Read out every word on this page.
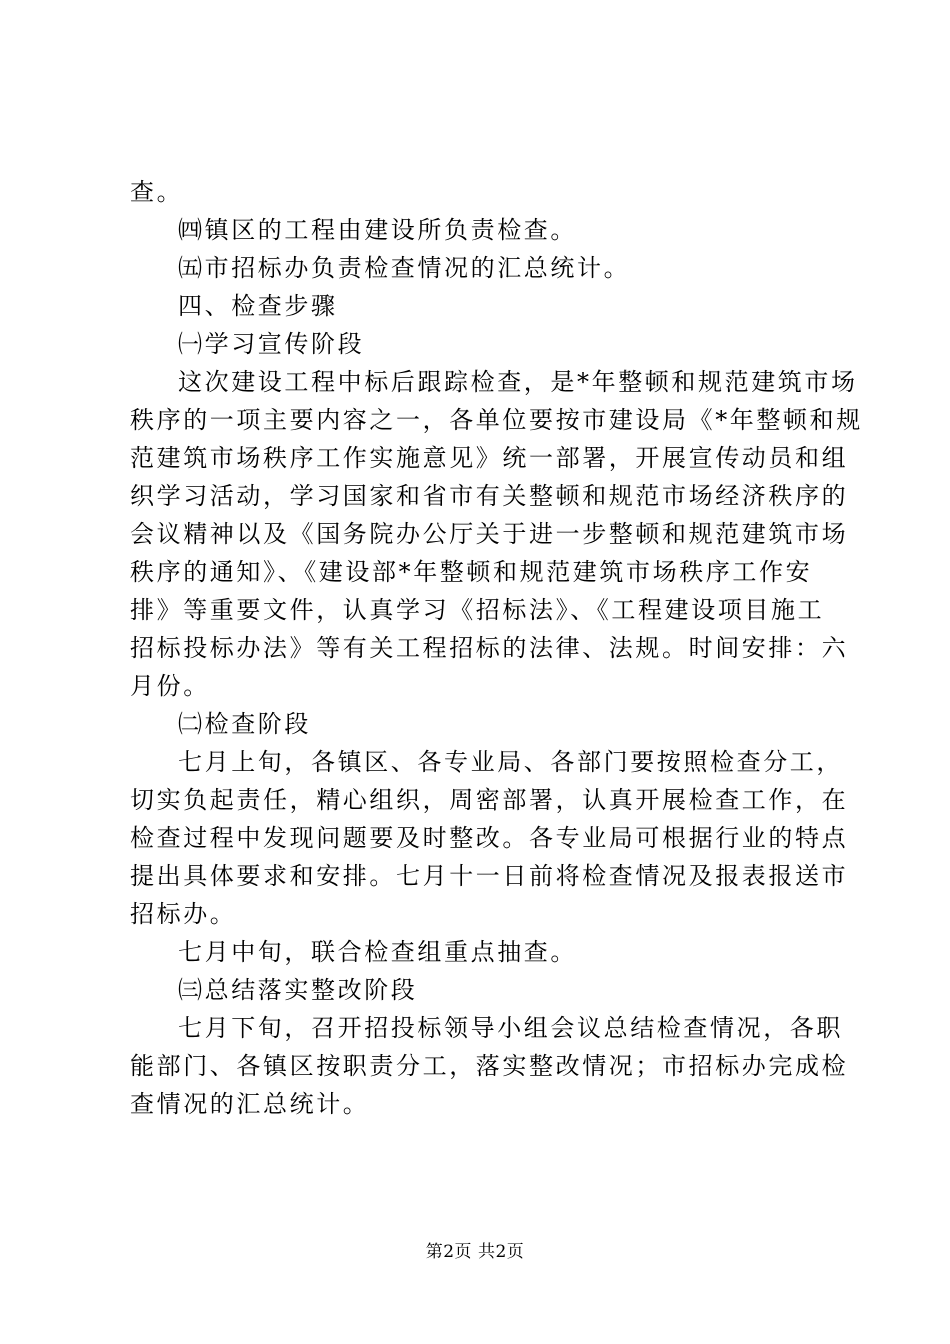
查。
㈣镇区的工程由建设所负责检查。
㈤市招标办负责检查情况的汇总统计。
四、检查步骤
㈠学习宣传阶段
这次建设工程中标后跟踪检查，是*年整顿和规范建筑市场
秩序的一项主要内容之一，各单位要按市建设局《*年整顿和规
范建筑市场秩序工作实施意见》统一部署，开展宣传动员和组
织学习活动，学习国家和省市有关整顿和规范市场经济秩序的
会议精神以及《国务院办公厅关于进一步整顿和规范建筑市场
秩序的通知》、《建设部*年整顿和规范建筑市场秩序工作安
排》等重要文件，认真学习《招标法》、《工程建设项目施工
招标投标办法》等有关工程招标的法律、法规。时间安排：六
月份。
㈡检查阶段
七月上旬，各镇区、各专业局、各部门要按照检查分工，
切实负起责任，精心组织，周密部署，认真开展检查工作，在
检查过程中发现问题要及时整改。各专业局可根据行业的特点
提出具体要求和安排。七月十一日前将检查情况及报表报送市
招标办。
七月中旬，联合检查组重点抽查。
㈢总结落实整改阶段
七月下旬，召开招投标领导小组会议总结检查情况，各职
能部门、各镇区按职责分工，落实整改情况；市招标办完成检
查情况的汇总统计。
第2页 共2页
